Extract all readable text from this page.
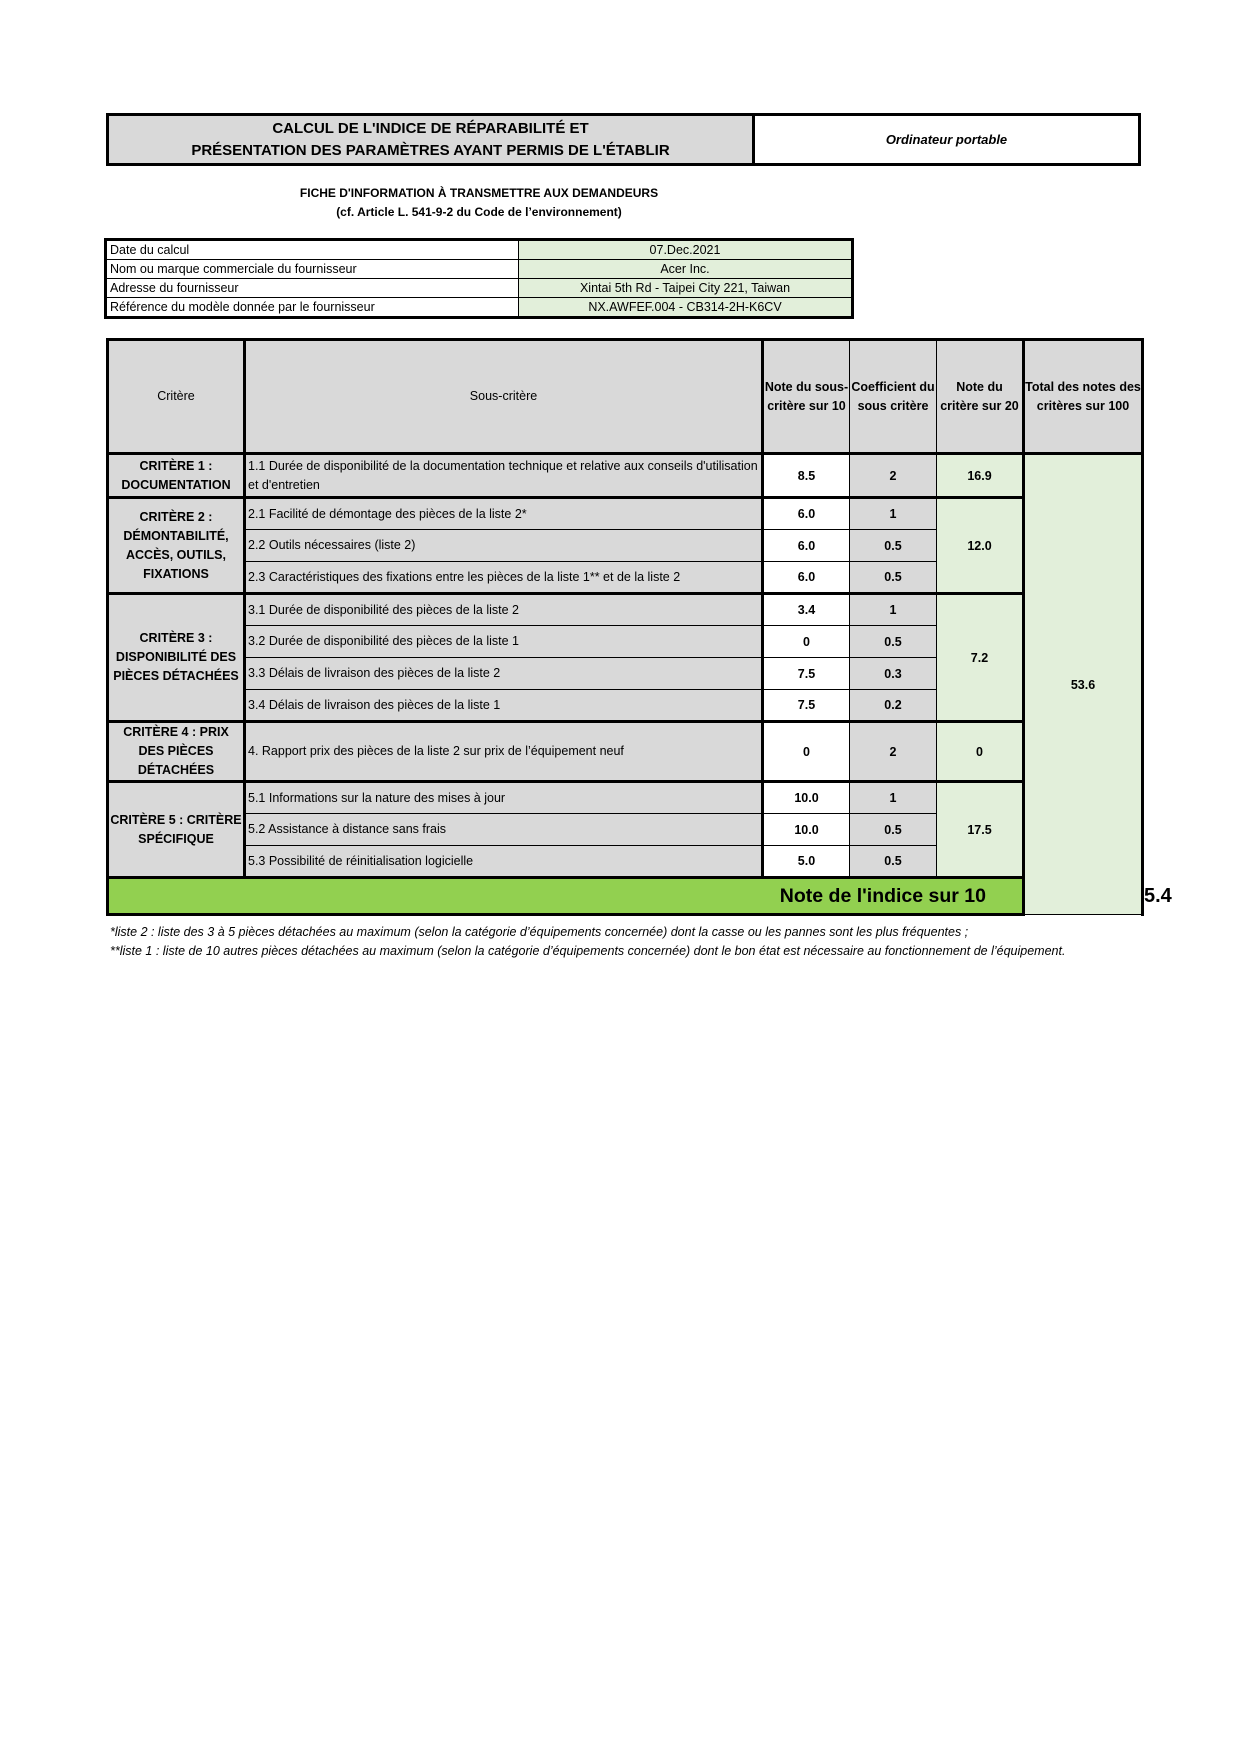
CALCUL DE L'INDICE DE RÉPARABILITÉ ET
PRÉSENTATION DES PARAMÈTRES AYANT PERMIS DE L'ÉTABLIR
	Ordinateur portable
FICHE D'INFORMATION À TRANSMETTRE AUX DEMANDEURS
(cf. Article L. 541-9-2 du Code de l’environnement)
Date du calcul	07.Dec.2021
Nom ou marque commerciale du fournisseur	Acer Inc.
Adresse du fournisseur	Xintai 5th Rd - Taipei City 221, Taiwan
Référence du modèle donnée par le fournisseur	NX.AWFEF.004 - CB314-2H-K6CV
Critère	Sous-critère	Note du sous-critère sur 10	Coefficient du sous critère	Note du critère sur 20	Total des notes des critères sur 100	
CRITÈRE 1 : DOCUMENTATION	1.1 Durée de disponibilité de la documentation technique et relative aux conseils d'utilisation et d'entretien	8.5	2	16.9	53.6	
CRITÈRE 2 : DÉMONTABILITÉ, ACCÈS, OUTILS, FIXATIONS	2.1 Facilité de démontage des pièces de la liste 2*	6.0	1	12.0		
	2.2 Outils nécessaires (liste 2)	6.0	0.5			
	2.3 Caractéristiques des fixations entre les pièces de la liste 1** et de la liste 2	6.0	0.5			
CRITÈRE 3 : DISPONIBILITÉ DES PIÈCES DÉTACHÉES	3.1 Durée de disponibilité des pièces de la liste 2	3.4	1	7.2		
	3.2 Durée de disponibilité des pièces de la liste 1	0	0.5			
	3.3 Délais de livraison des pièces de la liste 2	7.5	0.3			
	3.4 Délais de livraison des pièces de la liste 1	7.5	0.2			
CRITÈRE 4 : PRIX DES PIÈCES DÉTACHÉES	4. Rapport prix des pièces de la liste 2 sur prix de l’équipement neuf	0	2	0		
CRITÈRE 5 : CRITÈRE SPÉCIFIQUE	5.1 Informations sur la nature des mises à jour	10.0	1	17.5		
	5.2 Assistance à distance sans frais	10.0	0.5			
	5.3 Possibilité de réinitialisation logicielle	5.0	0.5			
Note de l'indice sur 10						5.4
*liste 2 : liste des 3 à 5 pièces détachées au maximum (selon la catégorie d’équipements concernée) dont la casse ou les pannes sont les plus fréquentes ;
**liste 1 : liste de 10 autres pièces détachées au maximum (selon la catégorie d’équipements concernée) dont le bon état est nécessaire au fonctionnement de l’équipement.
